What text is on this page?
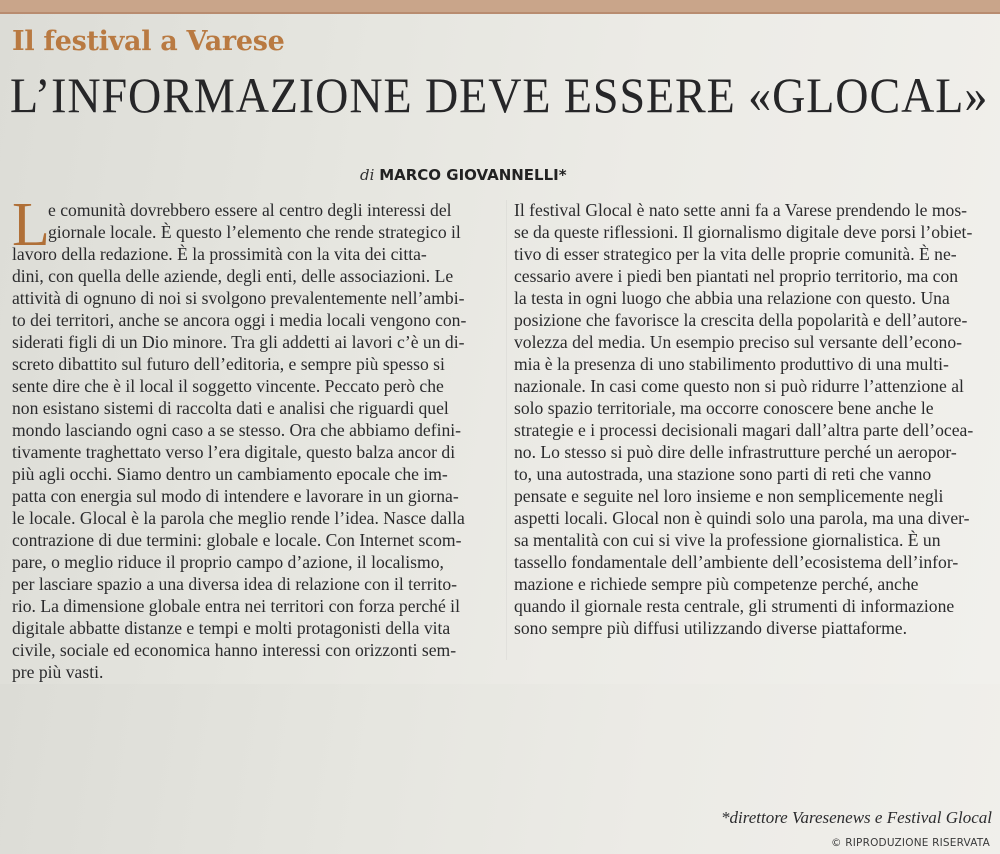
Il festival a Varese
L’INFORMAZIONE DEVE ESSERE «GLOCAL»
di MARCO GIOVANNELLI*
L
e comunità dovrebbero essere al centro degli interessi del
giornale locale. È questo l’elemento che rende strategico il
lavoro della redazione. È la prossimità con la vita dei citta-
dini, con quella delle aziende, degli enti, delle associazioni. Le
attività di ognuno di noi si svolgono prevalentemente nell’ambi-
to dei territori, anche se ancora oggi i media locali vengono con-
siderati figli di un Dio minore. Tra gli addetti ai lavori c’è un di-
screto dibattito sul futuro dell’editoria, e sempre più spesso si
sente dire che è il local il soggetto vincente. Peccato però che
non esistano sistemi di raccolta dati e analisi che riguardi quel
mondo lasciando ogni caso a se stesso. Ora che abbiamo defini-
tivamente traghettato verso l’era digitale, questo balza ancor di
più agli occhi. Siamo dentro un cambiamento epocale che im-
patta con energia sul modo di intendere e lavorare in un giorna-
le locale. Glocal è la parola che meglio rende l’idea. Nasce dalla
contrazione di due termini: globale e locale. Con Internet scom-
pare, o meglio riduce il proprio campo d’azione, il localismo,
per lasciare spazio a una diversa idea di relazione con il territo-
rio. La dimensione globale entra nei territori con forza perché il
digitale abbatte distanze e tempi e molti protagonisti della vita
civile, sociale ed economica hanno interessi con orizzonti sem-
pre più vasti.
*direttore Varesenews e Festival Glocal
© RIPRODUZIONE RISERVATA
Il festival Glocal è nato sette anni fa a Varese prendendo le mos-
se da queste riflessioni. Il giornalismo digitale deve porsi l’obiet-
tivo di esser strategico per la vita delle proprie comunità. È ne-
cessario avere i piedi ben piantati nel proprio territorio, ma con
la testa in ogni luogo che abbia una relazione con questo. Una
posizione che favorisce la crescita della popolarità e dell’autore-
volezza del media. Un esempio preciso sul versante dell’econo-
mia è la presenza di uno stabilimento produttivo di una multi-
nazionale. In casi come questo non si può ridurre l’attenzione al
solo spazio territoriale, ma occorre conoscere bene anche le
strategie e i processi decisionali magari dall’altra parte dell’ocea-
no. Lo stesso si può dire delle infrastrutture perché un aeropor-
to, una autostrada, una stazione sono parti di reti che vanno
pensate e seguite nel loro insieme e non semplicemente negli
aspetti locali. Glocal non è quindi solo una parola, ma una diver-
sa mentalità con cui si vive la professione giornalistica. È un
tassello fondamentale dell’ambiente dell’ecosistema dell’infor-
mazione e richiede sempre più competenze perché, anche
quando il giornale resta centrale, gli strumenti di informazione
sono sempre più diffusi utilizzando diverse piattaforme.
